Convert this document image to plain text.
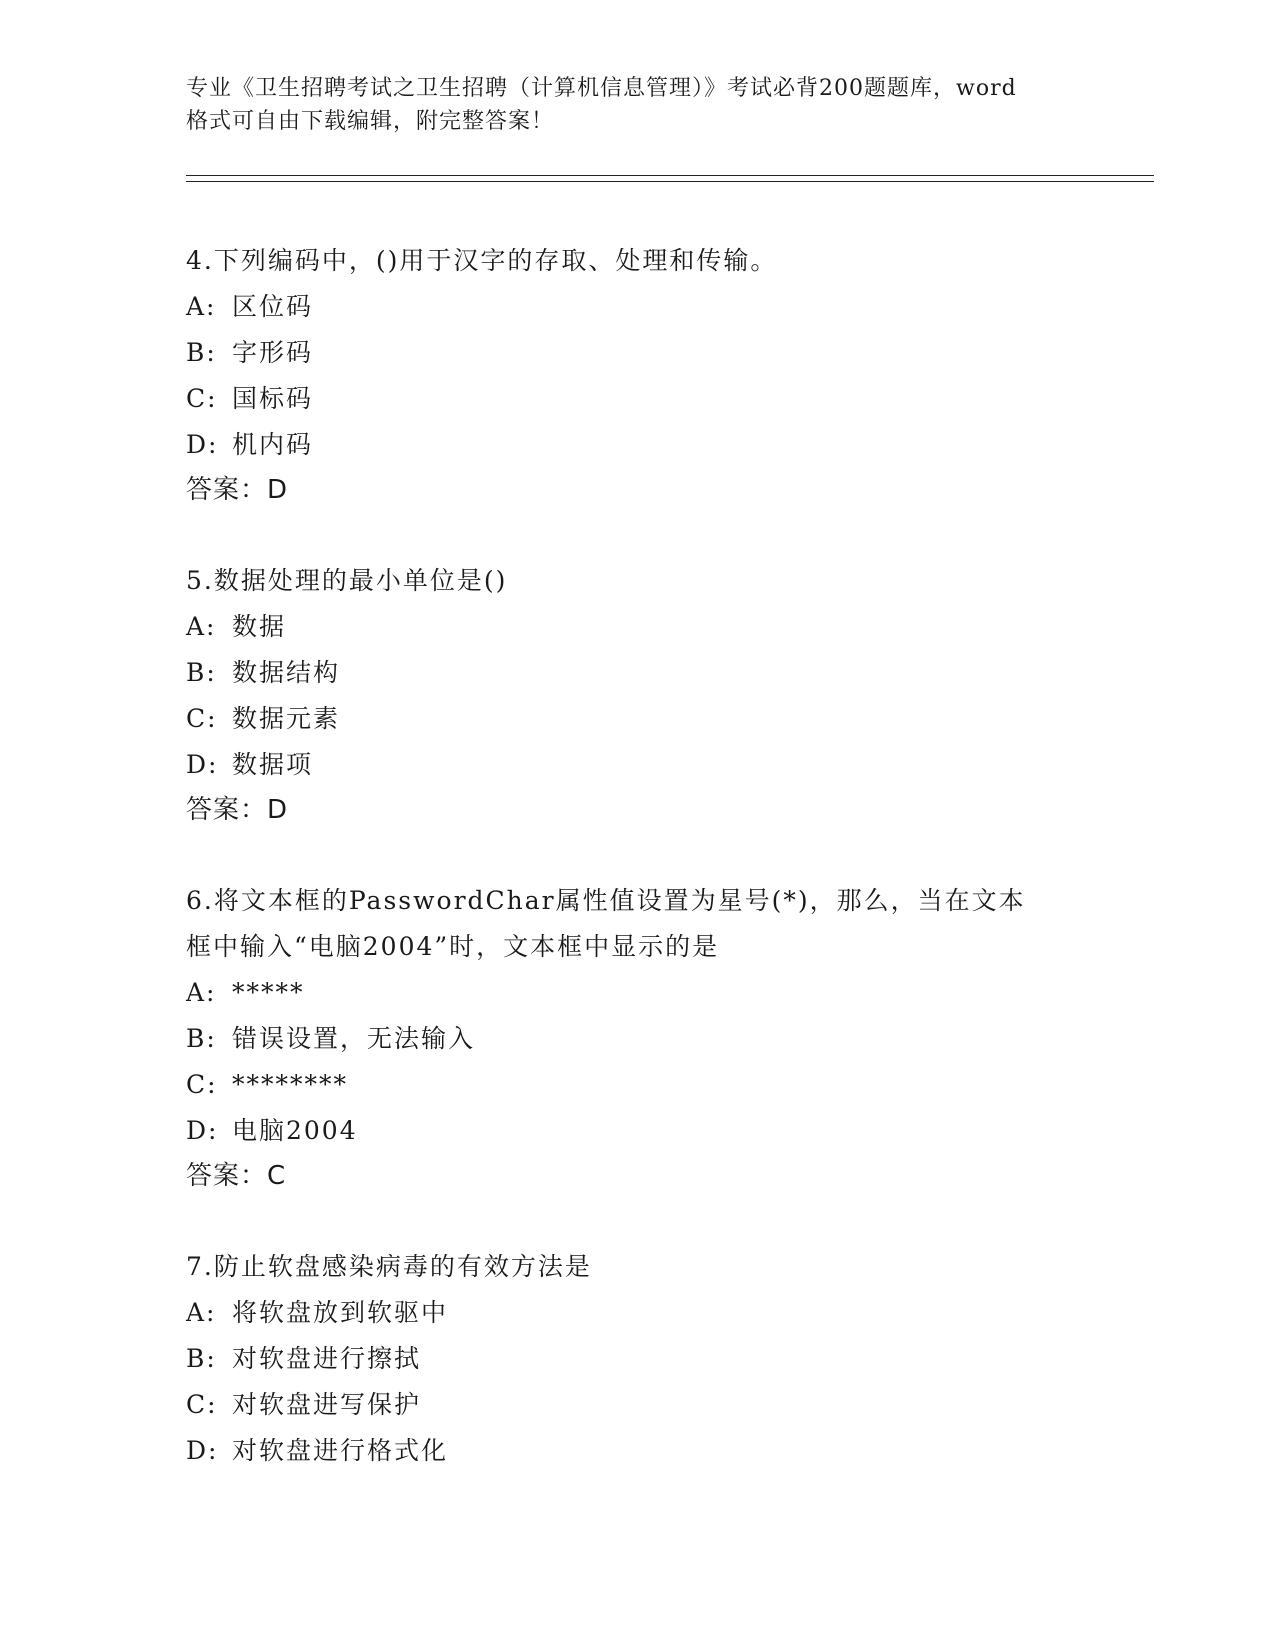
专业《卫生招聘考试之卫生招聘（计算机信息管理）》考试必背200题题库，word
格式可自由下载编辑，附完整答案！

4.下列编码中，()用于汉字的存取、处理和传输。

A: 区位码

B: 字形码

C: 国标码

D: 机内码

答案：D

5.数据处理的最小单位是()

A: 数据

B: 数据结构

C: 数据元素

D: 数据项

答案：D

6.将文本框的PasswordChar属性值设置为星号(*)，那么，当在文本

框中输入“电脑2004”时，文本框中显示的是

A: *****

B: 错误设置，无法输入

C: ********

D: 电脑2004

答案：C

7.防止软盘感染病毒的有效方法是

A: 将软盘放到软驱中

B: 对软盘进行擦拭

C: 对软盘进写保护

D: 对软盘进行格式化
